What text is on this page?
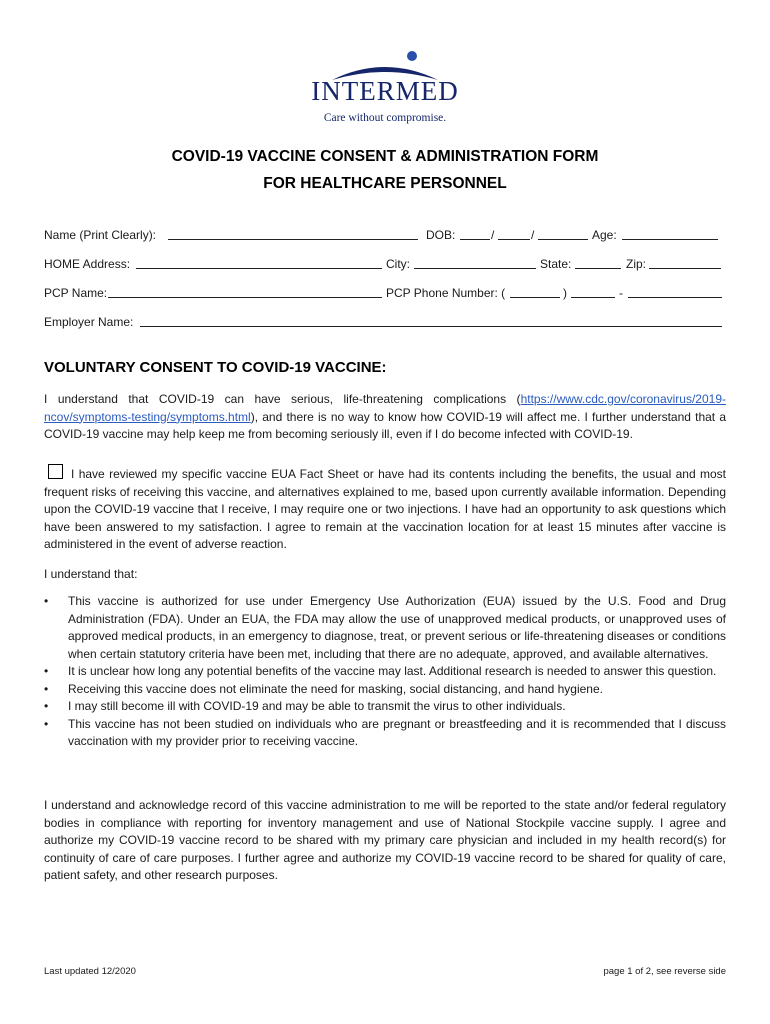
INTERMED
Care without compromise.
COVID-19 VACCINE CONSENT & ADMINISTRATION FORM
FOR HEALTHCARE PERSONNEL
Name (Print Clearly):	DOB:	/	/	Age:
HOME Address:	City:	State:	Zip:
PCP Name:	PCP Phone Number: (	)	-
Employer Name:
VOLUNTARY CONSENT TO COVID-19 VACCINE:
I understand that COVID-19 can have serious, life-threatening complications (https://www.cdc.gov/coronavirus/2019-ncov/symptoms-testing/symptoms.html), and there is no way to know how COVID-19 will affect me. I further understand that a COVID-19 vaccine may help keep me from becoming seriously ill, even if I do become infected with COVID-19.
I have reviewed my specific vaccine EUA Fact Sheet or have had its contents including the benefits, the usual and most frequent risks of receiving this vaccine, and alternatives explained to me, based upon currently available information. Depending upon the COVID-19 vaccine that I receive, I may require one or two injections. I have had an opportunity to ask questions which have been answered to my satisfaction. I agree to remain at the vaccination location for at least 15 minutes after vaccine is administered in the event of adverse reaction.
I understand that:
• This vaccine is authorized for use under Emergency Use Authorization (EUA) issued by the U.S. Food and Drug Administration (FDA). Under an EUA, the FDA may allow the use of unapproved medical products, or unapproved uses of approved medical products, in an emergency to diagnose, treat, or prevent serious or life-threatening diseases or conditions when certain statutory criteria have been met, including that there are no adequate, approved, and available alternatives.
• It is unclear how long any potential benefits of the vaccine may last. Additional research is needed to answer this question.
• Receiving this vaccine does not eliminate the need for masking, social distancing, and hand hygiene.
• I may still become ill with COVID-19 and may be able to transmit the virus to other individuals.
• This vaccine has not been studied on individuals who are pregnant or breastfeeding and it is recommended that I discuss vaccination with my provider prior to receiving vaccine.
I understand and acknowledge record of this vaccine administration to me will be reported to the state and/or federal regulatory bodies in compliance with reporting for inventory management and use of National Stockpile vaccine supply. I agree and authorize my COVID-19 vaccine record to be shared with my primary care physician and included in my health record(s) for continuity of care of care purposes. I further agree and authorize my COVID-19 vaccine record to be shared for quality of care, patient safety, and other research purposes.
Last updated 12/2020	page 1 of 2, see reverse side
